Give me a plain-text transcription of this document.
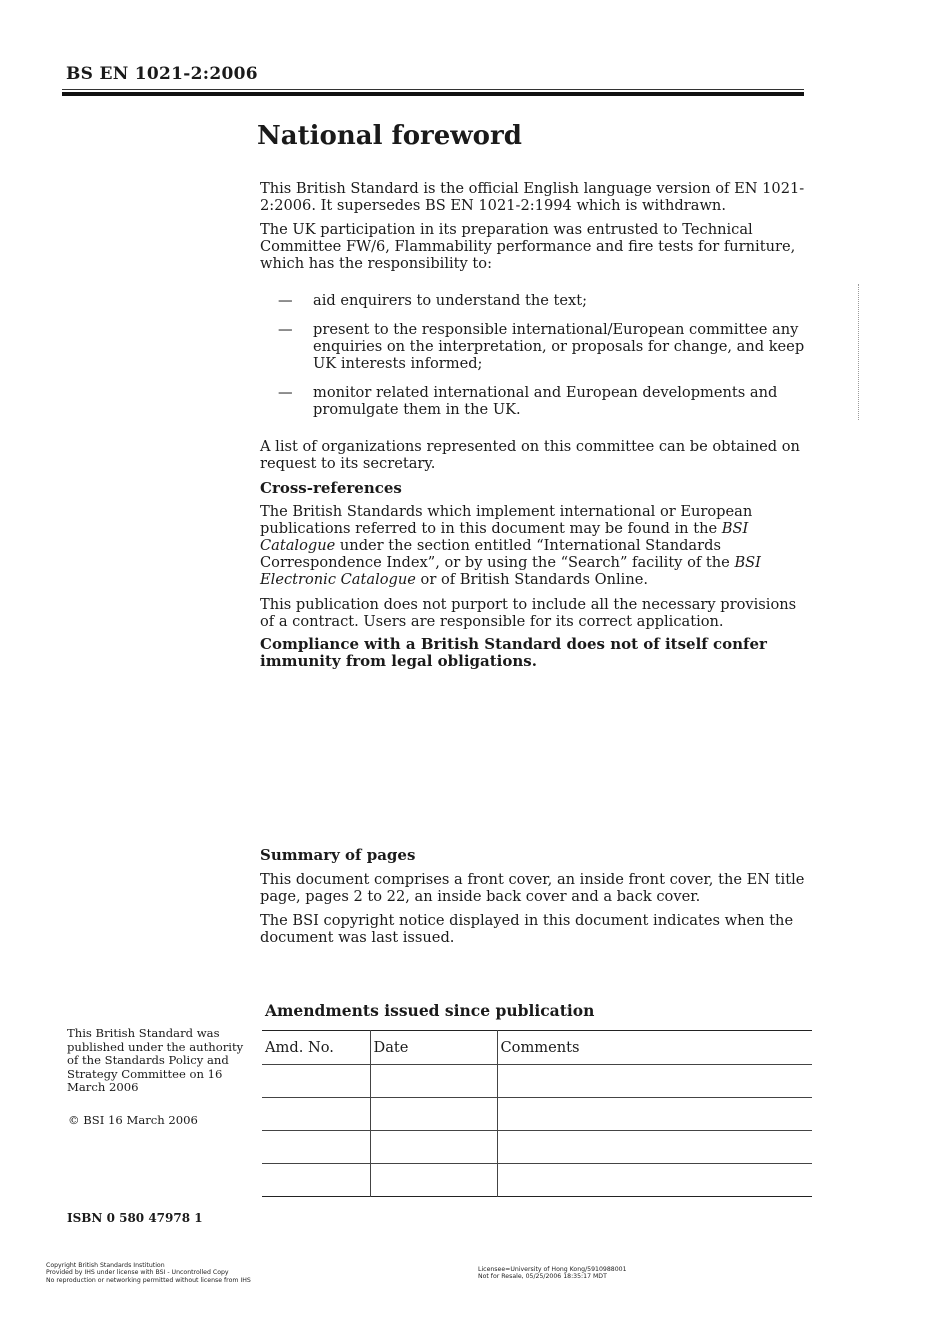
BS EN 1021-2:2006
National foreword

This British Standard is the official English language version of EN 1021-2:2006. It supersedes BS EN 1021-2:1994 which is withdrawn.

The UK participation in its preparation was entrusted to Technical Committee FW/6, Flammability performance and fire tests for furniture, which has the responsibility to:

— aid enquirers to understand the text;
— present to the responsible international/European committee any enquiries on the interpretation, or proposals for change, and keep UK interests informed;
— monitor related international and European developments and promulgate them in the UK.

A list of organizations represented on this committee can be obtained on request to its secretary.

Cross-references

The British Standards which implement international or European publications referred to in this document may be found in the BSI Catalogue under the section entitled “International Standards Correspondence Index”, or by using the “Search” facility of the BSI Electronic Catalogue or of British Standards Online.

This publication does not purport to include all the necessary provisions of a contract. Users are responsible for its correct application.

Compliance with a British Standard does not of itself confer immunity from legal obligations.

Summary of pages

This document comprises a front cover, an inside front cover, the EN title page, pages 2 to 22, an inside back cover and a back cover.

The BSI copyright notice displayed in this document indicates when the document was last issued.

Amendments issued since publication
Amd. No.	Date	Comments

This British Standard was published under the authority of the Standards Policy and Strategy Committee on 16 March 2006
© BSI 16 March 2006
ISBN 0 580 47978 1
Copyright British Standards Institution
Provided by IHS under license with BSI - Uncontrolled Copy
No reproduction or networking permitted without license from IHS
Licensee=University of Hong Kong/5910988001
Not for Resale, 05/25/2006 18:35:17 MDT
